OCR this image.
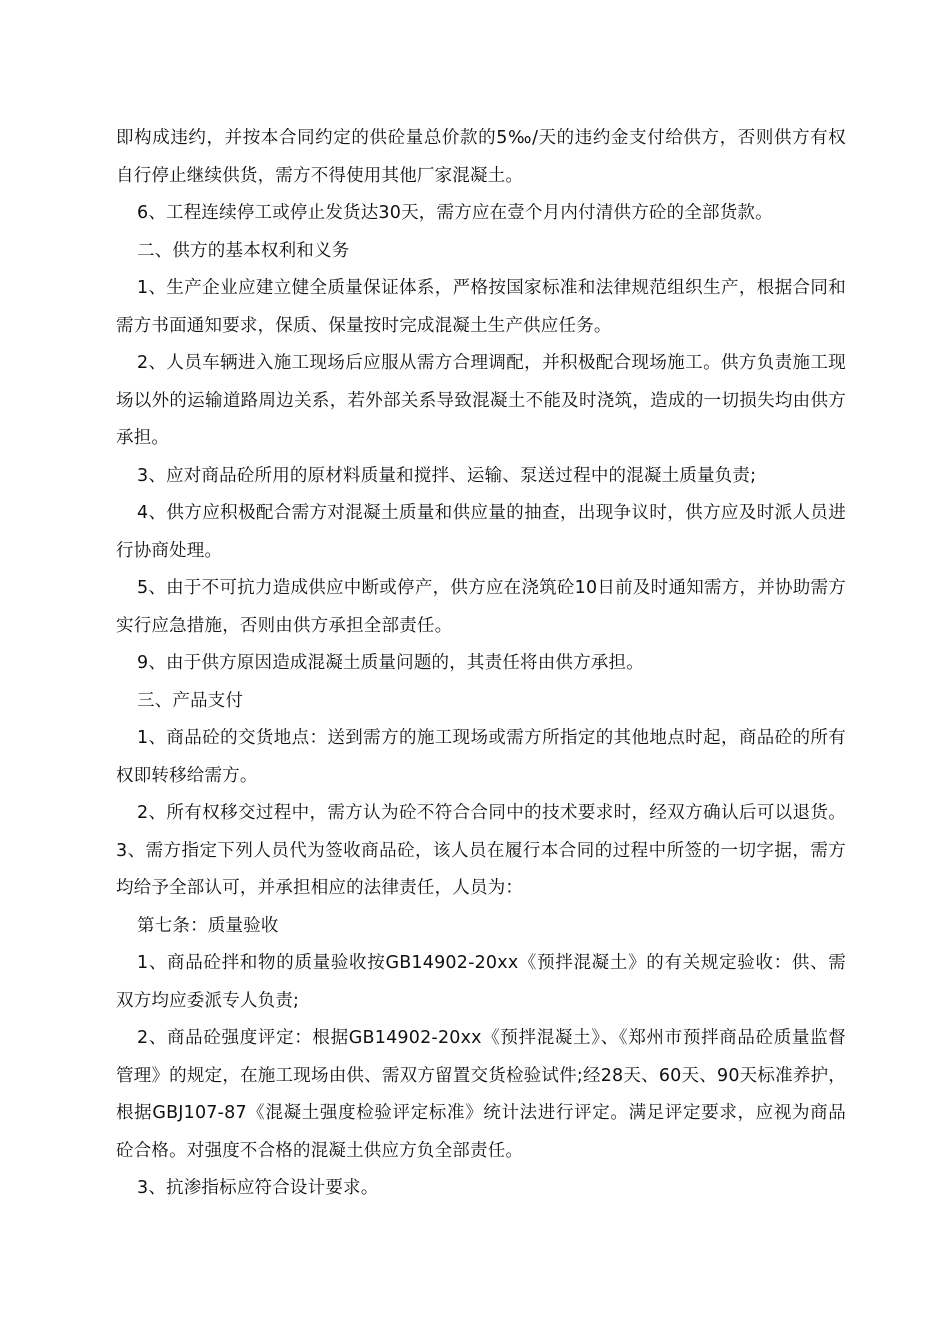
即构成违约，并按本合同约定的供砼量总价款的5‰/天的违约金支付给供方，否则供方有权自行停止继续供货，需方不得使用其他厂家混凝土。

6、工程连续停工或停止发货达30天，需方应在壹个月内付清供方砼的全部货款。

二、供方的基本权利和义务

1、生产企业应建立健全质量保证体系，严格按国家标准和法律规范组织生产，根据合同和需方书面通知要求，保质、保量按时完成混凝土生产供应任务。

2、人员车辆进入施工现场后应服从需方合理调配，并积极配合现场施工。供方负责施工现场以外的运输道路周边关系，若外部关系导致混凝土不能及时浇筑，造成的一切损失均由供方承担。

3、应对商品砼所用的原材料质量和搅拌、运输、泵送过程中的混凝土质量负责;

4、供方应积极配合需方对混凝土质量和供应量的抽查，出现争议时，供方应及时派人员进行协商处理。

5、由于不可抗力造成供应中断或停产，供方应在浇筑砼10日前及时通知需方，并协助需方实行应急措施，否则由供方承担全部责任。

9、由于供方原因造成混凝土质量问题的，其责任将由供方承担。

三、产品支付

1、商品砼的交货地点：送到需方的施工现场或需方所指定的其他地点时起，商品砼的所有权即转移给需方。

2、所有权移交过程中，需方认为砼不符合合同中的技术要求时，经双方确认后可以退货。3、需方指定下列人员代为签收商品砼，该人员在履行本合同的过程中所签的一切字据，需方均给予全部认可，并承担相应的法律责任，人员为：

第七条：质量验收

1、商品砼拌和物的质量验收按GB14902-20xx《预拌混凝土》的有关规定验收：供、需双方均应委派专人负责;

2、商品砼强度评定：根据GB14902-20xx《预拌混凝土》、《郑州市预拌商品砼质量监督管理》的规定，在施工现场由供、需双方留置交货检验试件;经28天、60天、90天标准养护，根据GBJ107-87《混凝土强度检验评定标准》统计法进行评定。满足评定要求，应视为商品砼合格。对强度不合格的混凝土供应方负全部责任。

3、抗渗指标应符合设计要求。
